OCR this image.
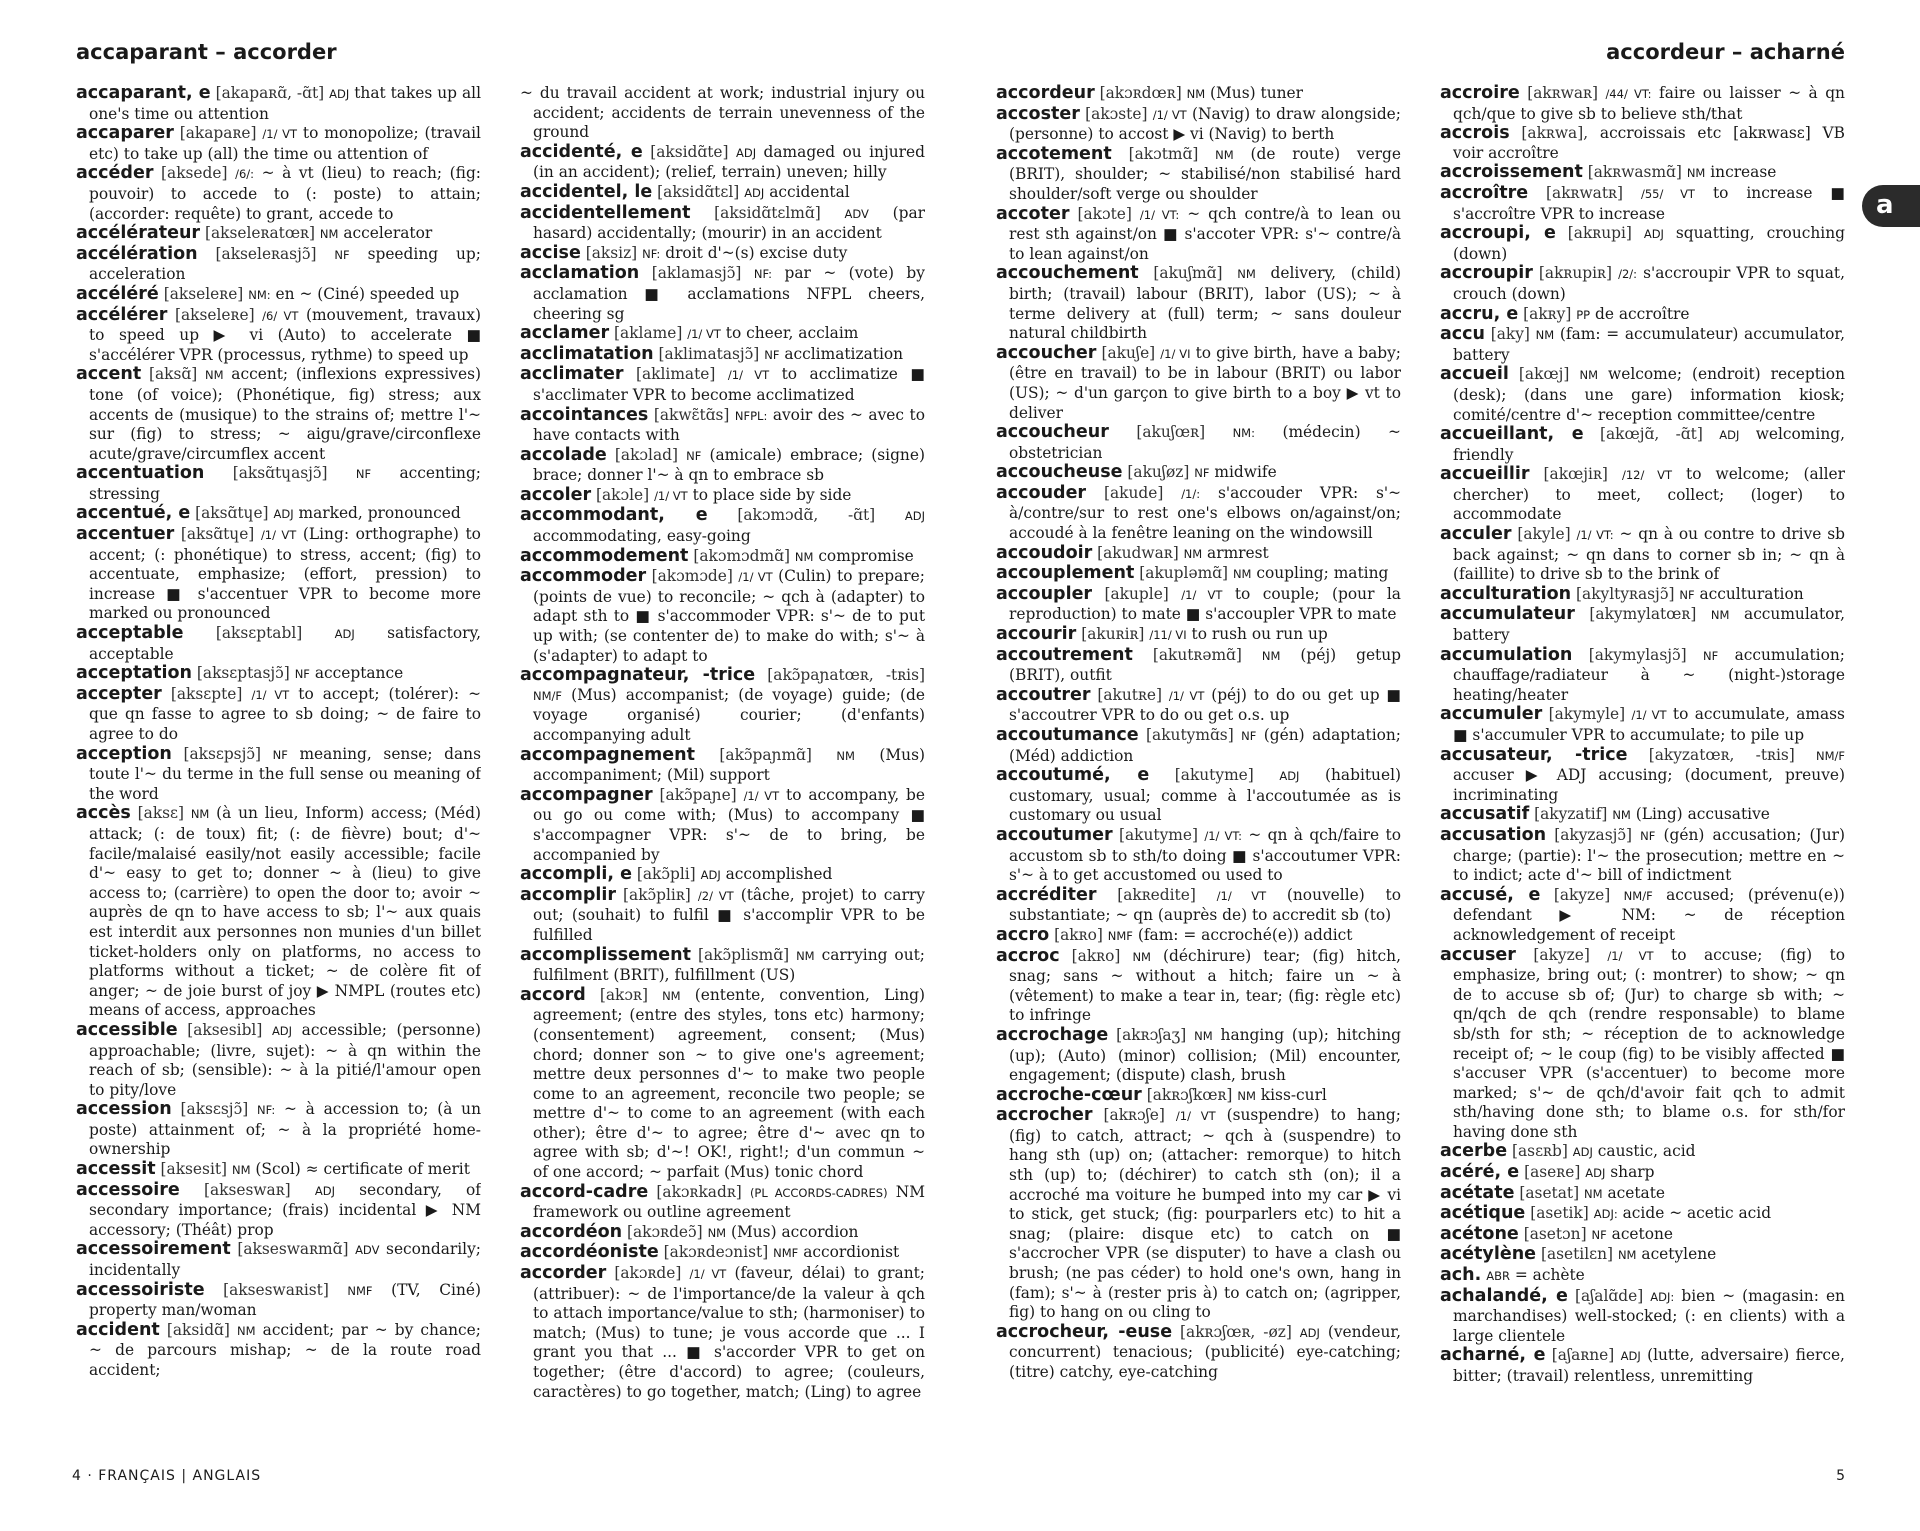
accaparant – accorder

accaparant, e [akapaʀɑ̃, -ɑ̃t] ADJ that takes up all one's time ou attention

accaparer [akapaʀe] /1/ VT to monopolize; (travail etc) to take up (all) the time ou attention of

accéder [aksede] /6/: ~ à vt (lieu) to reach; (fig: pouvoir) to accede to (: poste) to attain; (accorder: requête) to grant, accede to

accélérateur [akseleʀatœʀ] NM accelerator

accélération [akseleʀasjɔ̃] NF speeding up; acceleration

accéléré [akseleʀe] NM: en ~ (Ciné) speeded up

accélérer [akseleʀe] /6/ VT (mouvement, travaux) to speed up ▶ vi (Auto) to accelerate ■ s'accélérer VPR (processus, rythme) to speed up

★ accent [aksɑ̃] NM accent; (inflexions expressives) tone (of voice); (Phonétique, fig) stress; aux accents de (musique) to the strains of; mettre l'~ sur (fig) to stress; ~ aigu/grave/circonflexe acute/grave/circumflex accent

accentuation [aksɑ̃tɥasjɔ̃] NF accenting; stressing

accentué, e [aksɑ̃tɥe] ADJ marked, pronounced

accentuer [aksɑ̃tɥe] /1/ VT (Ling: orthographe) to accent; (: phonétique) to stress, accent; (fig) to accentuate, emphasize; (effort, pression) to increase ■ s'accentuer VPR to become more marked ou pronounced

acceptable [aksɛptabl]	ADJ satisfactory, acceptable

acceptation [aksɛptasjɔ̃] NF acceptance

★ accepter [aksɛpte] /1/ VT to accept; (tolérer): ~ que qn fasse to agree to sb doing; ~ de faire to agree to do

acception [aksɛpsjɔ̃] NF meaning, sense; dans toute l'~ du terme in the full sense ou meaning of the word

accès [aksɛ] NM (à un lieu, Inform) access; (Méd) attack; (: de toux) fit; (: de fièvre) bout; d'~ facile/malaisé easily/not easily accessible; facile d'~ easy to get to; donner ~ à (lieu) to give access to; (carrière) to open the door to; avoir ~ auprès de qn to have access to sb; l'~ aux quais est interdit aux personnes non munies d'un billet ticket-holders only on platforms, no access to platforms without a ticket; ~ de colère fit of anger; ~ de joie burst of joy ▶ NMPL (routes etc) means of access, approaches

accessible [aksesibl] ADJ accessible; (personne) approachable; (livre, sujet): ~ à qn within the reach of sb; (sensible): ~ à la pitié/l'amour open to pity/love

accession [aksɛsjɔ̃] NF: ~ à accession to; (à un poste) attainment of; ~ à la propriété home-ownership

accessit [aksesit] NM (Scol) ≈ certificate of merit

accessoire [akseswaʀ] ADJ secondary, of secondary importance; (frais) incidental ▶ NM accessory; (Théât) prop

accessoirement [akseswaʀmɑ̃] ADV secondarily; incidentally

accessoiriste [akseswaʀist] NMF (TV, Ciné) property man/woman

★ accident [aksidɑ̃] NM accident; par ~ by chance; ~ de parcours mishap; ~ de la route road accident;

~ du travail accident at work; industrial injury ou accident; accidents de terrain unevenness of the ground

accidenté, e [aksidɑ̃te] ADJ damaged ou injured (in an accident); (relief, terrain) uneven; hilly

accidentel, le [aksidɑ̃tɛl] ADJ accidental

accidentellement [aksidɑ̃tɛlmɑ̃] ADV (par hasard) accidentally; (mourir) in an accident

accise [aksiz] NF: droit d'~(s) excise duty

acclamation [aklamasjɔ̃] NF: par ~ (vote) by acclamation ■ acclamations NFPL cheers, cheering sg

acclamer [aklame] /1/ VT to cheer, acclaim

acclimatation [aklimatasjɔ̃] NF acclimatization

acclimater [aklimate] /1/ VT to acclimatize ■ s'acclimater VPR to become acclimatized

accointances [akwɛ̃tɑ̃s] NFPL: avoir des ~ avec to have contacts with

accolade [akɔlad] NF (amicale) embrace; (signe) brace; donner l'~ à qn to embrace sb

accoler [akɔle] /1/ VT to place side by side

accommodant, e [akɔmɔdɑ̃, -ɑ̃t]	ADJ accommodating, easy-going

accommodement [akɔmɔdmɑ̃] NM compromise

accommoder [akɔmɔde] /1/ VT (Culin) to prepare; (points de vue) to reconcile; ~ qch à (adapter) to adapt sth to ■ s'accommoder VPR: s'~ de to put up with; (se contenter de) to make do with; s'~ à (s'adapter) to adapt to

accompagnateur, -trice [akɔ̃paɲatœʀ, -tʀis] NM/F (Mus) accompanist; (de voyage) guide; (de voyage organisé) courier; (d'enfants) accompanying adult

accompagnement [akɔ̃paɲmɑ̃] NM (Mus) accompaniment; (Mil) support

★ accompagner [akɔ̃paɲe] /1/ VT to accompany, be ou go ou come with; (Mus) to accompany ■ s'accompagner VPR: s'~ de to bring, be accompanied by

accompli, e [akɔ̃pli] ADJ accomplished

accomplir [akɔ̃pliʀ] /2/ VT (tâche, projet) to carry out; (souhait) to fulfil ■ s'accomplir VPR to be fulfilled

accomplissement [akɔ̃plismɑ̃] NM carrying out; fulfilment (BRIT), fulfillment (US)

★ accord [akɔʀ] NM (entente, convention, Ling) agreement; (entre des styles, tons etc) harmony; (consentement) agreement, consent; (Mus) chord; donner son ~ to give one's agreement; mettre deux personnes d'~ to make two people come to an agreement, reconcile two people; se mettre d'~ to come to an agreement (with each other); être d'~ to agree; être d'~ avec qn to agree with sb; d'~! OK!, right!; d'un commun ~ of one accord; ~ parfait (Mus) tonic chord

accord-cadre [akɔʀkadʀ] (PL ACCORDS-CADRES) NM framework ou outline agreement

accordéon [akɔʀdeɔ̃] NM (Mus) accordion

accordéoniste [akɔʀdeɔnist] NMF accordionist

accorder [akɔʀde] /1/ VT (faveur, délai) to grant; (attribuer): ~ de l'importance/de la valeur à qch to attach importance/value to sth; (harmoniser) to match; (Mus) to tune; je vous accorde que ... I grant you that ... ■ s'accorder VPR to get on together; (être d'accord) to agree; (couleurs, caractères) to go together, match; (Ling) to agree

4 · FRANÇAIS | ANGLAIS
accordeur – acharné
a

accordeur [akɔʀdœʀ] NM (Mus) tuner

accoster [akɔste] /1/ VT (Navig) to draw alongside; (personne) to accost ▶ vi (Navig) to berth

accotement [akɔtmɑ̃] NM (de route) verge (BRIT), shoulder; ~ stabilisé/non stabilisé hard shoulder/soft verge ou shoulder

accoter [akɔte] /1/ VT: ~ qch contre/à to lean ou rest sth against/on ■ s'accoter VPR: s'~ contre/à to lean against/on

accouchement [akuʃmɑ̃] NM delivery, (child) birth; (travail) labour (BRIT), labor (US); ~ à terme delivery at (full) term; ~ sans douleur natural childbirth

accoucher [akuʃe] /1/ VI to give birth, have a baby; (être en travail) to be in labour (BRIT) ou labor (US); ~ d'un garçon to give birth to a boy ▶ vt to deliver

accoucheur [akuʃœʀ] NM: (médecin) ~ obstetrician

accoucheuse [akuʃøz] NF midwife

accouder [akude] /1/: s'accouder VPR: s'~ à/contre/sur to rest one's elbows on/against/on; accoudé à la fenêtre leaning on the windowsill

accoudoir [akudwaʀ] NM armrest

accouplement [akupləmɑ̃] NM coupling; mating

accoupler [akuple] /1/ VT to couple; (pour la reproduction) to mate ■ s'accoupler VPR to mate

accourir [akuʀiʀ] /11/ VI to rush ou run up

accoutrement [akutʀəmɑ̃] NM (péj) getup (BRIT), outfit

accoutrer [akutʀe] /1/ VT (péj) to do ou get up ■ s'accoutrer VPR to do ou get o.s. up

accoutumance [akutymɑ̃s] NF (gén) adaptation; (Méd) addiction

accoutumé, e [akutyme] ADJ (habituel) customary, usual; comme à l'accoutumée as is customary ou usual

accoutumer [akutyme] /1/ VT: ~ qn à qch/faire to accustom sb to sth/to doing ■ s'accoutumer VPR: s'~ à to get accustomed ou used to

accréditer [akʀedite] /1/ VT (nouvelle) to substantiate; ~ qn (auprès de) to accredit sb (to)

accro [akʀo] NMF (fam: = accroché(e)) addict

accroc [akʀo] NM (déchirure) tear; (fig) hitch, snag; sans ~ without a hitch; faire un ~ à (vêtement) to make a tear in, tear; (fig: règle etc) to infringe

accrochage [akʀɔʃaʒ] NM hanging (up); hitching (up); (Auto) (minor) collision; (Mil) encounter, engagement; (dispute) clash, brush

accroche-cœur [akʀɔʃkœʀ] NM kiss-curl

★ accrocher [akʀɔʃe] /1/ VT (suspendre) to hang; (fig) to catch, attract; ~ qch à (suspendre) to hang sth (up) on; (attacher: remorque) to hitch sth (up) to; (déchirer) to catch sth (on); il a accroché ma voiture he bumped into my car ▶ vi to stick, get stuck; (fig: pourparlers etc) to hit a snag; (plaire: disque etc) to catch on ■ s'accrocher VPR (se disputer) to have a clash ou brush; (ne pas céder) to hold one's own, hang in (fam); s'~ à (rester pris à) to catch on; (agripper, fig) to hang on ou cling to

accrocheur, -euse [akʀɔʃœʀ, -øz] ADJ (vendeur, concurrent) tenacious; (publicité) eye-catching; (titre) catchy, eye-catching

accroire [akʀwaʀ] /44/ VT: faire ou laisser ~ à qn qch/que to give sb to believe sth/that

accrois [akʀwa], accroissais etc [akʀwasɛ] VB voir accroître

accroissement [akʀwasmɑ̃] NM increase

accroître [akʀwatʀ] /55/ VT to increase ■ s'accroître VPR to increase

accroupi, e [akʀupi] ADJ squatting, crouching (down)

accroupir [akʀupiʀ] /2/: s'accroupir VPR to squat, crouch (down)

accru, e [akʀy] PP de accroître

accu [aky] NM (fam: = accumulateur) accumulator, battery

★ accueil [akœj] NM welcome; (endroit) reception (desk); (dans une gare) information kiosk; comité/centre d'~ reception committee/centre

★ accueillant, e [akœjɑ̃, -ɑ̃t] ADJ welcoming, friendly

★ accueillir [akœjiʀ] /12/ VT to welcome; (aller chercher) to meet, collect; (loger) to accommodate

acculer [akyle] /1/ VT: ~ qn à ou contre to drive sb back against; ~ qn dans to corner sb in; ~ qn à (faillite) to drive sb to the brink of

acculturation [akyltyʀasjɔ̃] NF acculturation

accumulateur [akymylatœʀ] NM accumulator, battery

accumulation [akymylasjɔ̃] NF accumulation; chauffage/radiateur à ~ (night-)storage heating/heater

accumuler [akymyle] /1/ VT to accumulate, amass ■ s'accumuler VPR to accumulate; to pile up

accusateur, -trice [akyzatœʀ, -tʀis] NM/F accuser ▶ ADJ accusing; (document, preuve) incriminating

accusatif [akyzatif] NM (Ling) accusative

accusation [akyzasjɔ̃] NF (gén) accusation; (Jur) charge; (partie): l'~ the prosecution; mettre en ~ to indict; acte d'~ bill of indictment

accusé, e [akyze] NM/F accused; (prévenu(e)) defendant ▶ NM: ~ de réception acknowledgement of receipt

★ accuser [akyze] /1/ VT to accuse; (fig) to emphasize, bring out; (: montrer) to show; ~ qn de to accuse sb of; (Jur) to charge sb with; ~ qn/qch de qch (rendre responsable) to blame sb/sth for sth; ~ réception de to acknowledge receipt of; ~ le coup (fig) to be visibly affected ■ s'accuser VPR (s'accentuer) to become more marked; s'~ de qch/d'avoir fait qch to admit sth/having done sth; to blame o.s. for sth/for having done sth

acerbe [asɛʀb] ADJ caustic, acid

acéré, e [aseʀe] ADJ sharp

acétate [asetat] NM acetate

acétique [asetik] ADJ: acide ~ acetic acid

acétone [asetɔn] NF acetone

acétylène [asetilɛn] NM acetylene

ach. ABR = achète

achalandé, e [aʃalɑ̃de] ADJ: bien ~ (magasin: en marchandises) well-stocked; (: en clients) with a large clientele

acharné, e [aʃaʀne] ADJ (lutte, adversaire) fierce, bitter; (travail) relentless, unremitting

5
